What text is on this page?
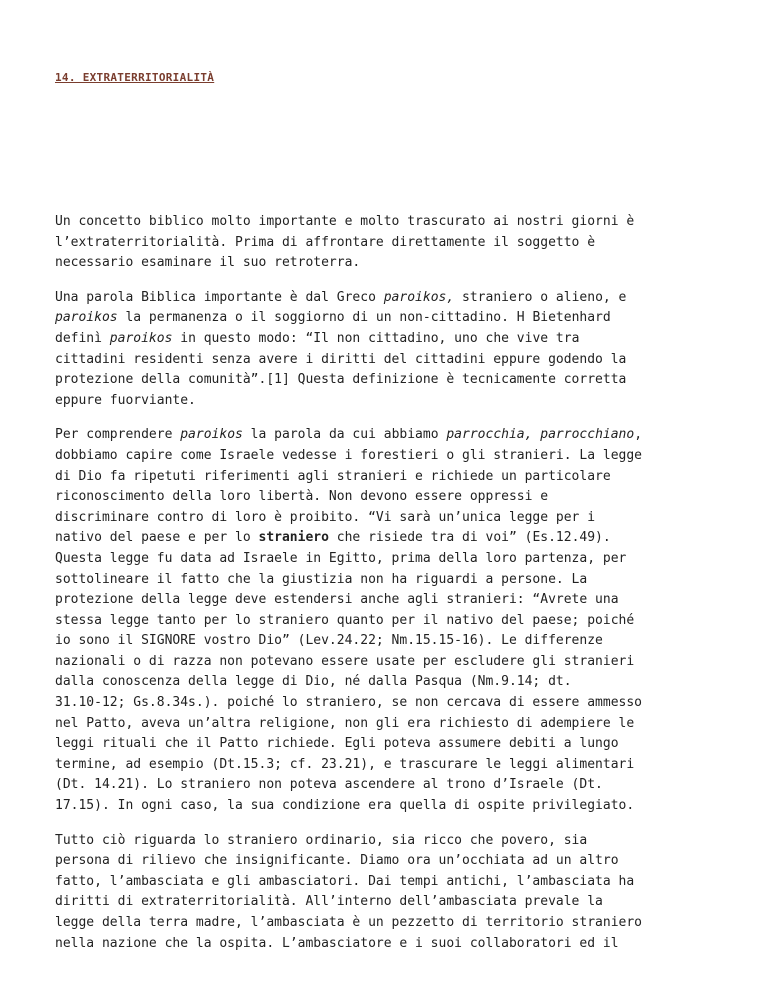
14. EXTRATERRITORIALITÀ

Un concetto biblico molto importante e molto trascurato ai nostri giorni è
l’extraterritorialità. Prima di affrontare direttamente il soggetto è
necessario esaminare il suo retroterra.

Una parola Biblica importante è dal Greco paroikos, straniero o alieno, e
paroikos la permanenza o il soggiorno di un non-cittadino. H Bietenhard
definì paroikos in questo modo: “Il non cittadino, uno che vive tra
cittadini residenti senza avere i diritti del cittadini eppure godendo la
protezione della comunità”.[1] Questa definizione è tecnicamente corretta
eppure fuorviante.

Per comprendere paroikos la parola da cui abbiamo parrocchia, parrocchiano,
dobbiamo capire come Israele vedesse i forestieri o gli stranieri. La legge
di Dio fa ripetuti riferimenti agli stranieri e richiede un particolare
riconoscimento della loro libertà. Non devono essere oppressi e
discriminare contro di loro è proibito. “Vi sarà un’unica legge per i
nativo del paese e per lo straniero che risiede tra di voi” (Es.12.49).
Questa legge fu data ad Israele in Egitto, prima della loro partenza, per
sottolineare il fatto che la giustizia non ha riguardi a persone. La
protezione della legge deve estendersi anche agli stranieri: “Avrete una
stessa legge tanto per lo straniero quanto per il nativo del paese; poiché
io sono il SIGNORE vostro Dio” (Lev.24.22; Nm.15.15-16). Le differenze
nazionali o di razza non potevano essere usate per escludere gli stranieri
dalla conoscenza della legge di Dio, né dalla Pasqua (Nm.9.14; dt.
31.10-12; Gs.8.34s.). poiché lo straniero, se non cercava di essere ammesso
nel Patto, aveva un’altra religione, non gli era richiesto di adempiere le
leggi rituali che il Patto richiede. Egli poteva assumere debiti a lungo
termine, ad esempio (Dt.15.3; cf. 23.21), e trascurare le leggi alimentari
(Dt. 14.21). Lo straniero non poteva ascendere al trono d’Israele (Dt.
17.15). In ogni caso, la sua condizione era quella di ospite privilegiato.

Tutto ciò riguarda lo straniero ordinario, sia ricco che povero, sia
persona di rilievo che insignificante. Diamo ora un’occhiata ad un altro
fatto, l’ambasciata e gli ambasciatori. Dai tempi antichi, l’ambasciata ha
diritti di extraterritorialità. All’interno dell’ambasciata prevale la
legge della terra madre, l’ambasciata è un pezzetto di territorio straniero
nella nazione che la ospita. L’ambasciatore e i suoi collaboratori ed il
